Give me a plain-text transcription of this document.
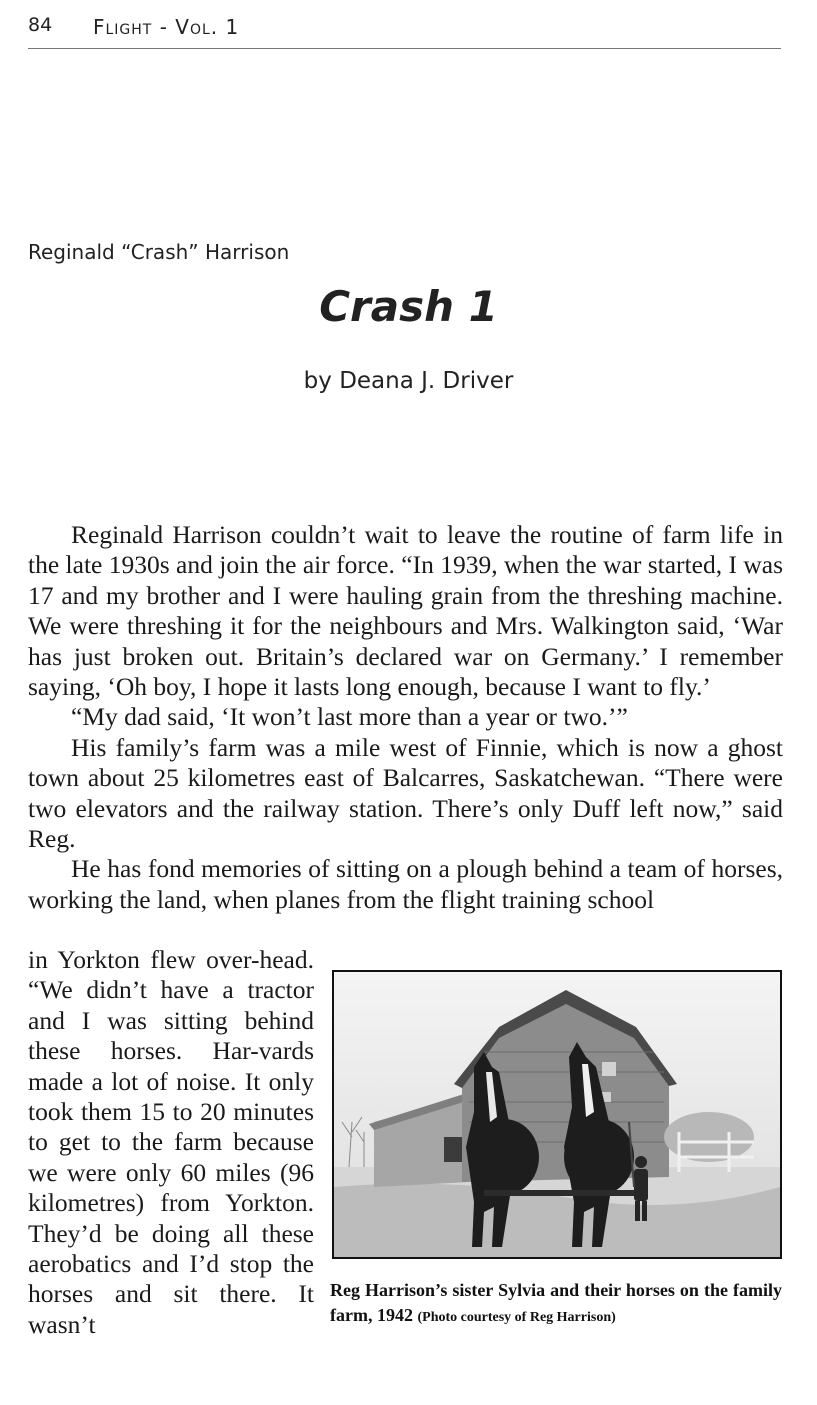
84 Flight - Vol. 1
Reginald “Crash” Harrison
Crash 1
by Deana J. Driver

Reginald Harrison couldn’t wait to leave the routine of farm life in the late 1930s and join the air force. “In 1939, when the war started, I was 17 and my brother and I were hauling grain from the threshing machine. We were threshing it for the neighbours and Mrs. Walkington said, ‘War has just broken out. Britain’s declared war on Germany.’ I remember saying, ‘Oh boy, I hope it lasts long enough, because I want to fly.’

“My dad said, ‘It won’t last more than a year or two.’”

His family’s farm was a mile west of Finnie, which is now a ghost town about 25 kilometres east of Balcarres, Saskatchewan. “There were two elevators and the railway station. There’s only Duff left now,” said Reg.

He has fond memories of sitting on a plough behind a team of horses, working the land, when planes from the flight training school

in Yorkton flew over-head. “We didn’t have a tractor and I was sitting behind these horses. Har-vards made a lot of noise. It only took them 15 to 20 minutes to get to the farm because we were only 60 miles (96 kilometres) from Yorkton. They’d be doing all these aerobatics and I’d stop the horses and sit there. It wasn’t

Reg Harrison’s sister Sylvia and their horses on the family farm, 1942 (Photo courtesy of Reg Harrison)
